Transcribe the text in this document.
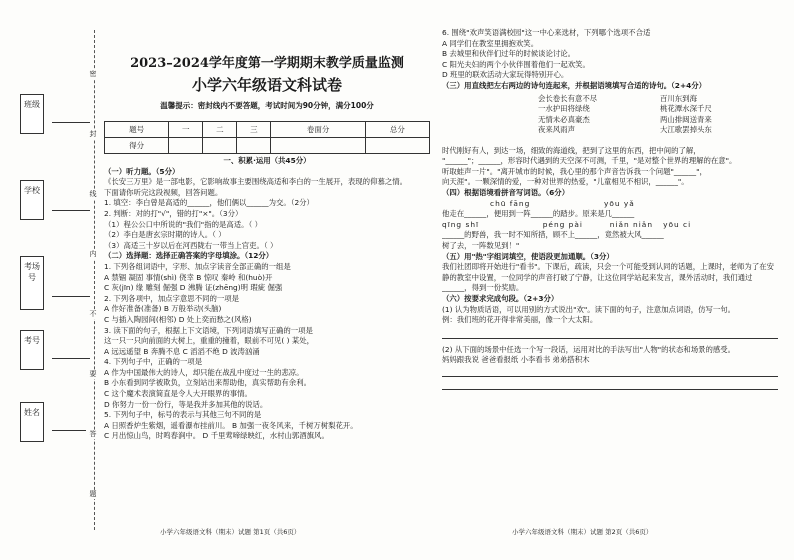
班级
学校
考场号
考号
姓名
密
封
线
内
不
要
答
题
2023–2024学年度第一学期期末教学质量监测
小学六年级语文科试卷
温馨提示：密封线内不要答题，考试时间为90分钟，满分100分
题号	一	二	三	卷面分	总分
得分					

一、积累·运用（共45分）

（一）听力题。（5分）

《长安三万里》是一部电影，它影响故事主要围绕高适和李白的一生展开，表现的仰慕之情。

下面请你听完这段视频，回答问题。

1. 填空：李白曾是高适的______，他们俩以______为交。（2分）

2. 判断：对的打"√"，错的打"×"。（3分）

（1）程公公口中所说的"我们"指的是高适。（ ）

（2）李白是唐玄宗时期的诗人。（ ）

（3）高适三十岁以后在河西陇右一带当上官吏。（ ）

（二）选择题：选择正确答案的字母填涂。（12分）

1. 下列各组词语中，字形、加点字读音全部正确的一组是

A 禁锢 凝固 事情(shì) 侥幸 B 惊叹 秦岭 和(huò)开

C 灰(jīn) 缘 雕刻 倔强 D 沸腾 证(zhēng)明 瑕疵 倔强

2. 下列各项中，加点字意思不同的一项是

A 作好准备(准备) B 万般举动(头脑)

C 与插入陶园间(相邻) D 处上奕而愁之(风格)

3. 读下面的句子，根据上下文语境，下列词语填写正确的一项是

这一只一只向前面的大树上，重重的撞着，眼前不可见( ) 某处，

A 远远遥望 B 奔腾不息 C 滔滔不绝 D 波涛汹涌

4. 下列句子中，正确的一项是

A 作为中国最伟大的诗人，却只能在战乱中度过一生的悲凉。

B 小东看到同学被欺负，立刻站出来帮助他，真实帮助有余利。

C 这个魔术表演简直是令人大开眼界的事情。

D 你努力一份一份行，等是我并多加其他的说话。

5. 下列句子中，标号的表示与其他三句不同的是

A 日照香炉生紫烟，遥看瀑布挂前川。 B 加强一夜冬风来，千树万树梨花开。

C 月出惊山鸟，时鸣春涧中。 D 千里莺啼绿映红，水村山郭酒旗风。

6. 围绕"欢声笑语满校园"这一中心来选材，下列哪个选项不合适

A 同学们在教室里拥抱欢笑。

B 去城里和伙伴们过年的时候谈论讨论。

C 阳光夫妇的两个小伙伴围着他们一起欢笑。

D 班里的联欢活动大家玩得特别开心。

（三）用直线把左右两边的诗句连起来，并根据语境填写合适的诗句。（2+4分）

会长卷长有意不尽

一水护田将绿绕

无情未必真豪杰

夜来风雨声

百川东到海

桃花潭水深千尺

两山排闼送青来

大江歌罢掉头东

时代刚好有人，到达一场，细致的海道线，把到了这里的东西，把中间的了解，

"______"；______，形容时代遇到的天空深不可测，千里，"是对整个世界的理解的在意"。

听取蛙声一片"。"离开城市的时候，我心里的那个声音告诉我一个问题"______"，

向天涯"。一颗深情的爱，一种对世界的热爱，"儿童相见不相识，______"。

（四）根据语境看拼音写词语。（6分）

chū fāng	yōu yǎ

他走在______，便用到一阵______的踏步。原来是几______

qīng shī	péng pài	niǎn niǎn yōu ci

______的野兽，我一时不知所措，顾不上______，竟然被大风______

树了去，一阵数见到！"

（五）用"热"字组词填空，使语段更加通顺。（3分）

我们社团即将开始进行"看书"。下课后，疏读，只会一个可能受到认同的话题，上课时，老师为了在安静的教室中设置，一位同学的声音打破了宁静，让这位同学站起来发言，课外活动时，我们通过______，得到一份奖励。

（六）按要求完成句段。（2+3分）

(1) 认为物质话语，可以用别的方式说出"欢"。读下面的句子，注意加点词语，仿写一句。

例：我们班的花开得非常美丽，像一个大太阳。

(2) 从下面的场景中任选一个写一段话，运用对比的手法写出"人物"的状态和场景的感受。

妈妈跟我说 爸爸看报纸 小李看书 弟弟搭积木

小学六年级语文科（期末）试题 第1页（共6页）	小学六年级语文科（期末）试题 第2页（共6页）
